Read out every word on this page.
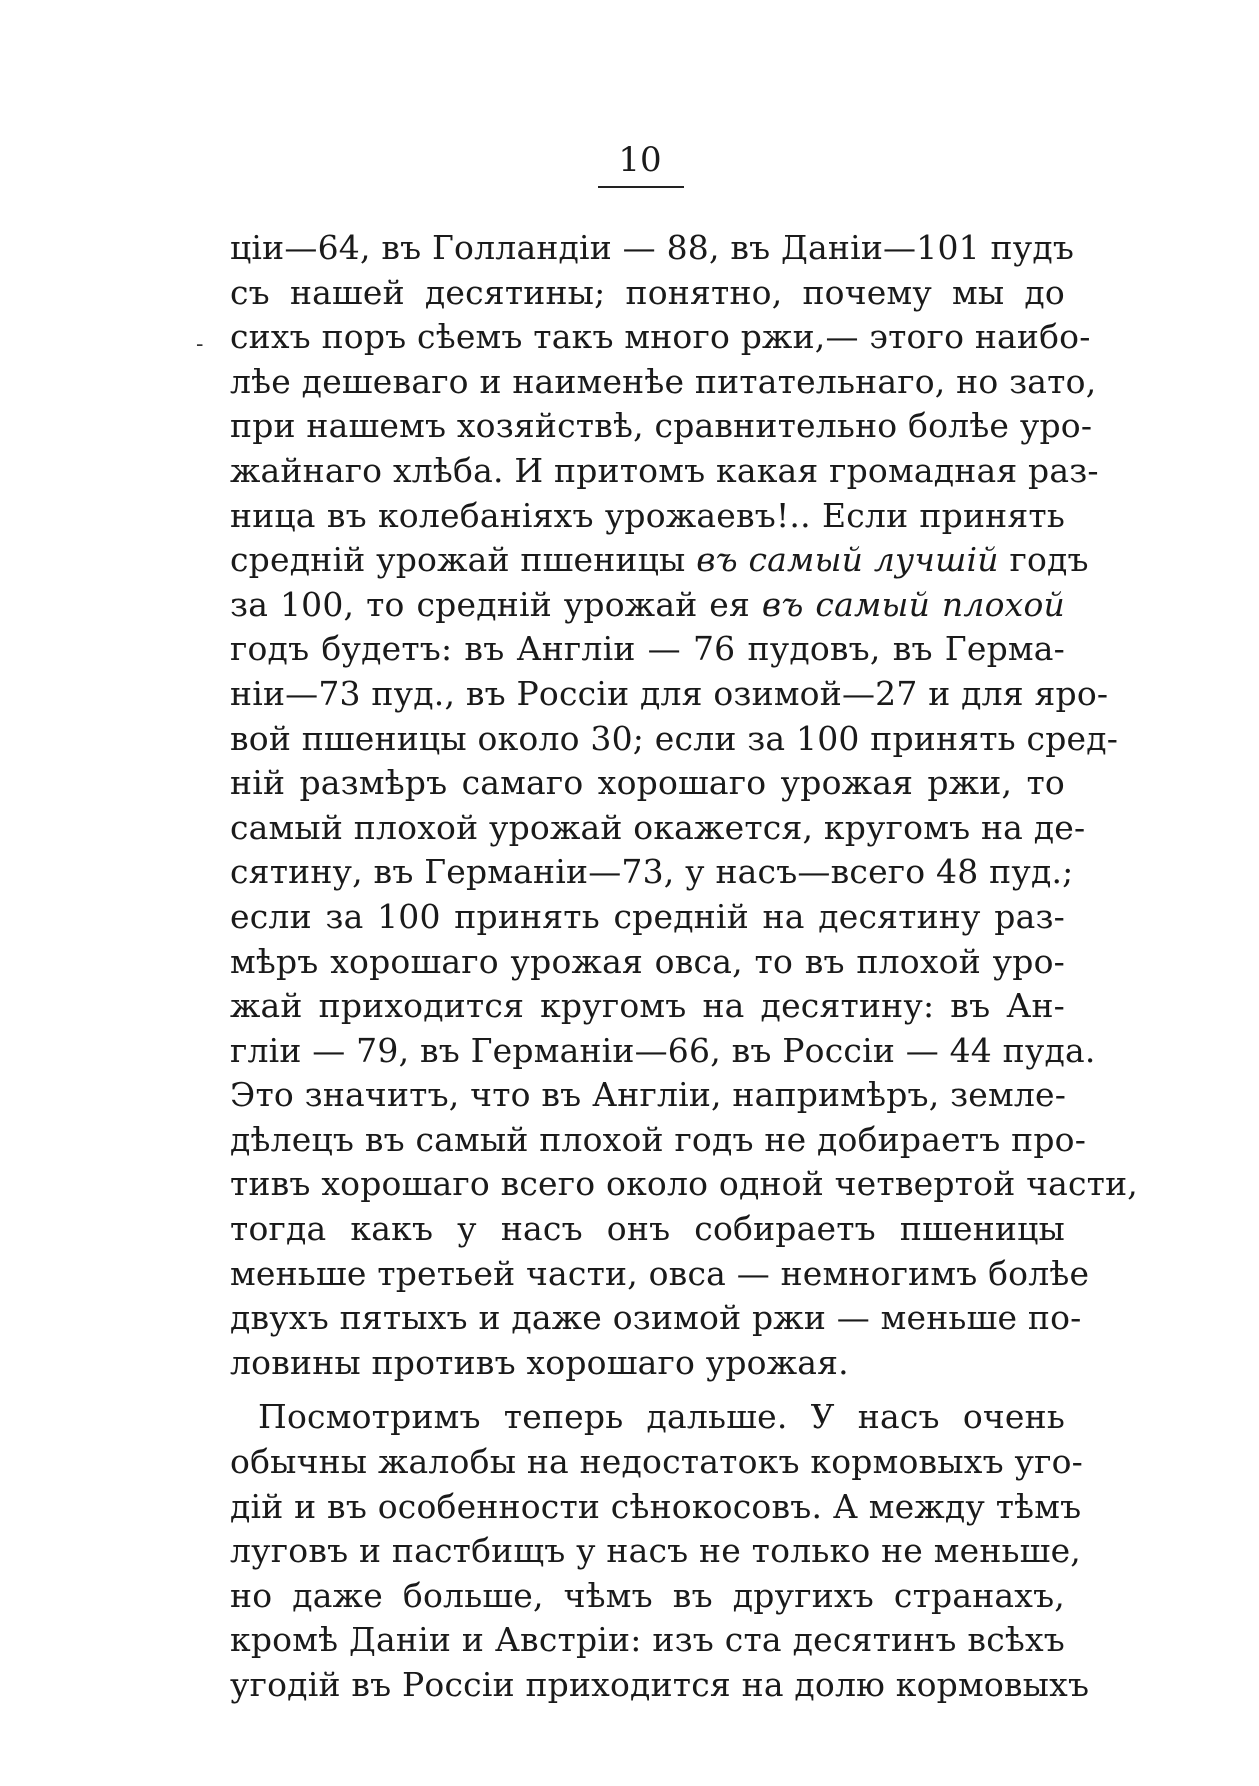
10
-
ціи—64, въ Голландіи — 88, въ Даніи—101 пудъ
съ нашей десятины; понятно, почему мы до
сихъ поръ сѣемъ такъ много ржи,— этого наибо-
лѣе дешеваго и наименѣе питательнаго, но зато,
при нашемъ хозяйствѣ, сравнительно болѣе уро-
жайнаго хлѣба. И притомъ какая громадная раз-
ница въ колебаніяхъ урожаевъ!.. Если принять
средній урожай пшеницы въ самый лучшій годъ
за 100, то средній урожай ея въ самый плохой
годъ будетъ: въ Англіи — 76 пудовъ, въ Герма-
ніи—73 пуд., въ Россіи для озимой—27 и для яро-
вой пшеницы около 30; если за 100 принять сред-
ній размѣръ самаго хорошаго урожая ржи, то
самый плохой урожай окажется, кругомъ на де-
сятину, въ Германіи—73, у насъ—всего 48 пуд.;
если за 100 принять средній на десятину раз-
мѣръ хорошаго урожая овса, то въ плохой уро-
жай приходится кругомъ на десятину: въ Ан-
гліи — 79, въ Германіи—66, въ Россіи — 44 пуда.
Это значитъ, что въ Англіи, напримѣръ, земле-
дѣлецъ въ самый плохой годъ не добираетъ про-
тивъ хорошаго всего около одной четвертой части,
тогда какъ у насъ онъ собираетъ пшеницы
меньше третьей части, овса — немногимъ болѣе
двухъ пятыхъ и даже озимой ржи — меньше по-
ловины противъ хорошаго урожая.
Посмотримъ теперь дальше. У насъ очень
обычны жалобы на недостатокъ кормовыхъ уго-
дій и въ особенности сѣнокосовъ. А между тѣмъ
луговъ и пастбищъ у насъ не только не меньше,
но даже больше, чѣмъ въ другихъ странахъ,
кромѣ Даніи и Австріи: изъ ста десятинъ всѣхъ
угодій въ Россіи приходится на долю кормовыхъ
